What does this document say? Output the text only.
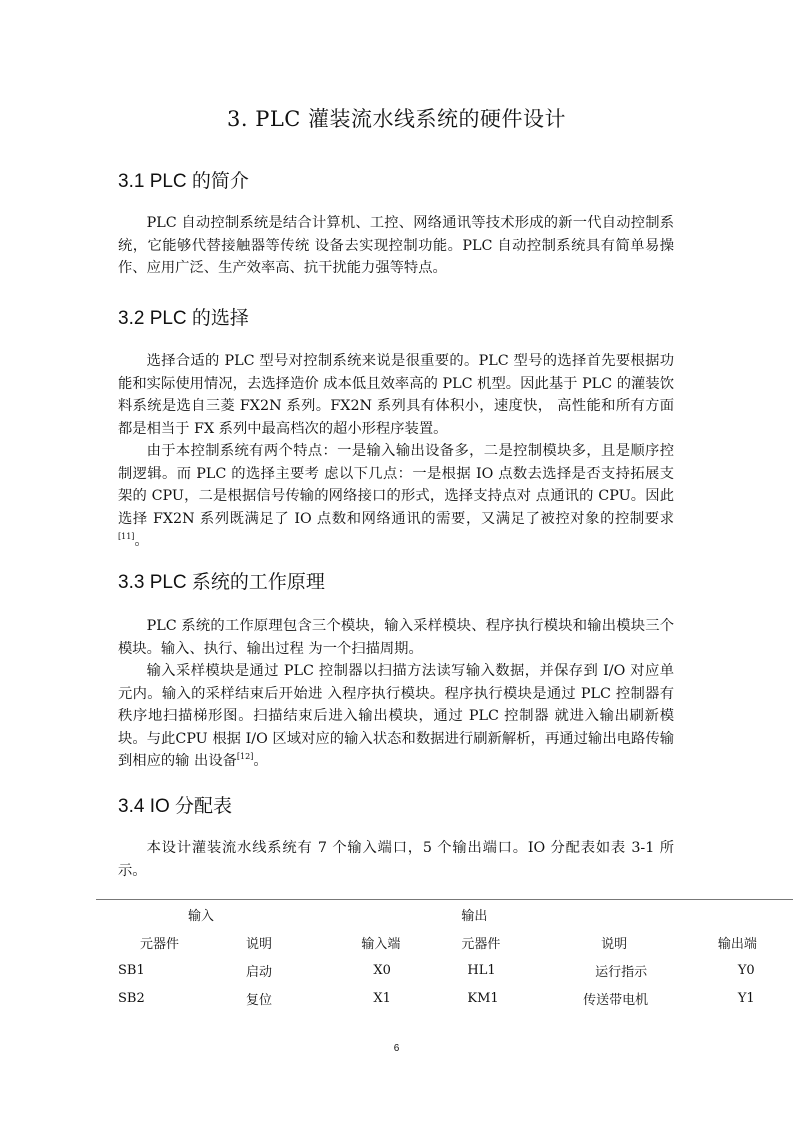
3. PLC 灌装流水线系统的硬件设计
3.1 PLC 的简介

PLC 自动控制系统是结合计算机、工控、网络通讯等技术形成的新一代自动控制系统，它能够代替接触器等传统 设备去实现控制功能。PLC 自动控制系统具有简单易操作、应用广泛、生产效率高、抗干扰能力强等特点。

3.2 PLC 的选择

选择合适的 PLC 型号对控制系统来说是很重要的。PLC 型号的选择首先要根据功能和实际使用情况，去选择造价 成本低且效率高的 PLC 机型。因此基于 PLC 的灌装饮料系统是选自三菱 FX2N 系列。FX2N 系列具有体积小，速度快， 高性能和所有方面都是相当于 FX 系列中最高档次的超小形程序装置。

由于本控制系统有两个特点：一是输入输出设备多，二是控制模块多，且是顺序控制逻辑。而 PLC 的选择主要考 虑以下几点：一是根据 IO 点数去选择是否支持拓展支架的 CPU，二是根据信号传输的网络接口的形式，选择支持点对 点通讯的 CPU。因此选择 FX2N 系列既满足了 IO 点数和网络通讯的需要，又满足了被控对象的控制要求[11]。

3.3 PLC 系统的工作原理

PLC 系统的工作原理包含三个模块，输入采样模块、程序执行模块和输出模块三个模块。输入、执行、输出过程 为一个扫描周期。

输入采样模块是通过 PLC 控制器以扫描方法读写输入数据，并保存到 I/O 对应单元内。输入的采样结束后开始进 入程序执行模块。程序执行模块是通过 PLC 控制器有秩序地扫描梯形图。扫描结束后进入输出模块，通过 PLC 控制器 就进入输出刷新模块。与此CPU 根据 I/O 区域对应的输入状态和数据进行刷新解析，再通过输出电路传输到相应的输 出设备[12]。

3.4 IO 分配表

本设计灌装流水线系统有 7 个输入端口，5 个输出端口。IO 分配表如表 3-1 所示。

输入		输出			
元器件	说明	输入端	元器件	说明	输出端
SB1	启动	X0	HL1	运行指示	Y0
SB2	复位	X1	KM1	传送带电机	Y1
6
